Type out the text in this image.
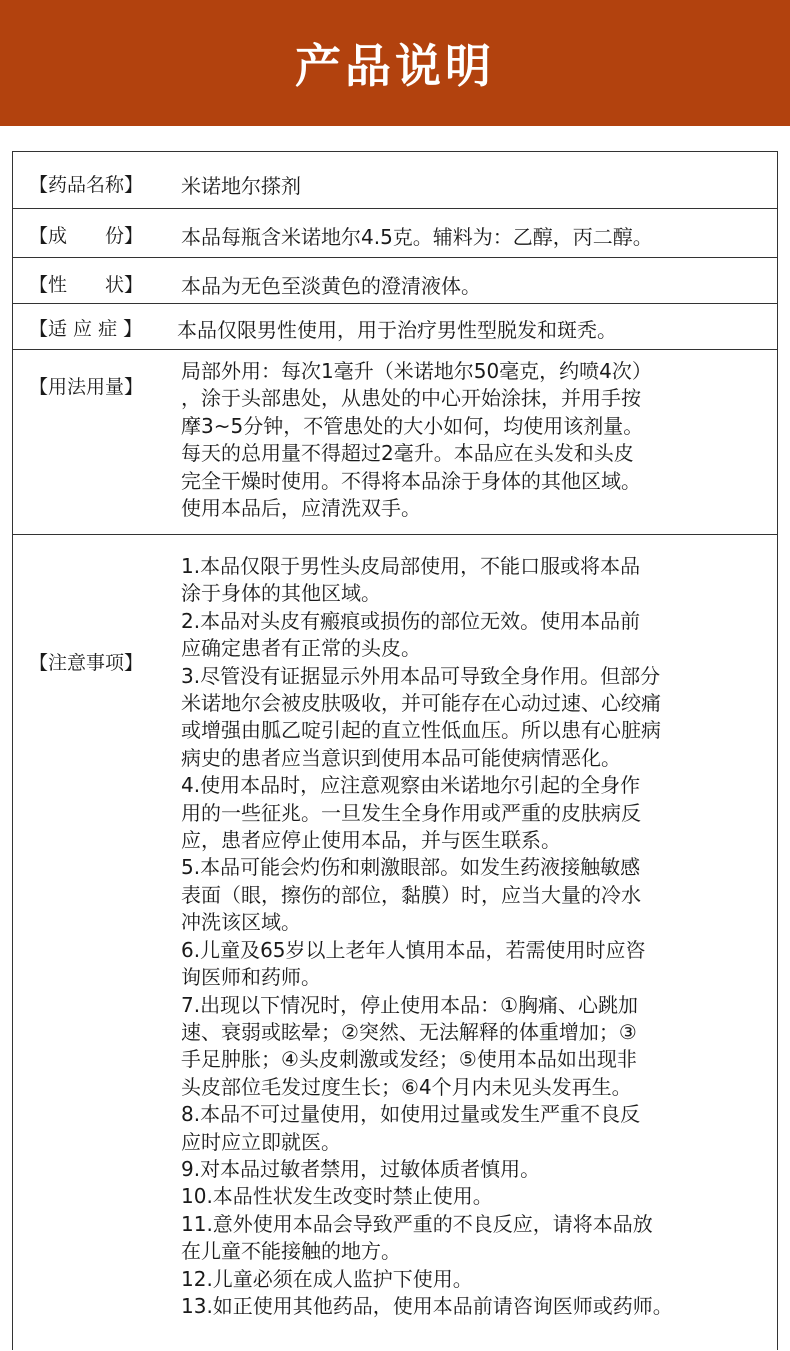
产品说明
【药品名称】 米诺地尔搽剂
【成　　份】 本品每瓶含米诺地尔4.5克。辅料为：乙醇，丙二醇。
【性　　状】 本品为无色至淡黄色的澄清液体。
【适 应 症 】 本品仅限男性使用，用于治疗男性型脱发和斑秃。
【用法用量】

局部外用：每次1毫升（米诺地尔50毫克，约喷4次）

，涂于头部患处，从患处的中心开始涂抹，并用手按

摩3~5分钟，不管患处的大小如何，均使用该剂量。

每天的总用量不得超过2毫升。本品应在头发和头皮

完全干燥时使用。不得将本品涂于身体的其他区域。

使用本品后，应清洗双手。

【注意事项】

1.本品仅限于男性头皮局部使用，不能口服或将本品

涂于身体的其他区域。

2.本品对头皮有瘢痕或损伤的部位无效。使用本品前

应确定患者有正常的头皮。

3.尽管没有证据显示外用本品可导致全身作用。但部分

米诺地尔会被皮肤吸收，并可能存在心动过速、心绞痛

或增强由胍乙啶引起的直立性低血压。所以患有心脏病

病史的患者应当意识到使用本品可能使病情恶化。

4.使用本品时，应注意观察由米诺地尔引起的全身作

用的一些征兆。一旦发生全身作用或严重的皮肤病反

应，患者应停止使用本品，并与医生联系。

5.本品可能会灼伤和刺激眼部。如发生药液接触敏感

表面（眼，擦伤的部位，黏膜）时，应当大量的冷水

冲洗该区域。

6.儿童及65岁以上老年人慎用本品，若需使用时应咨

询医师和药师。

7.出现以下情况时，停止使用本品：①胸痛、心跳加

速、衰弱或眩晕；②突然、无法解释的体重增加；③

手足肿胀；④头皮刺激或发经；⑤使用本品如出现非

头皮部位毛发过度生长；⑥4个月内未见头发再生。

8.本品不可过量使用，如使用过量或发生严重不良反

应时应立即就医。

9.对本品过敏者禁用，过敏体质者慎用。

10.本品性状发生改变时禁止使用。

11.意外使用本品会导致严重的不良反应，请将本品放

在儿童不能接触的地方。

12.儿童必须在成人监护下使用。

13.如正使用其他药品，使用本品前请咨询医师或药师。
